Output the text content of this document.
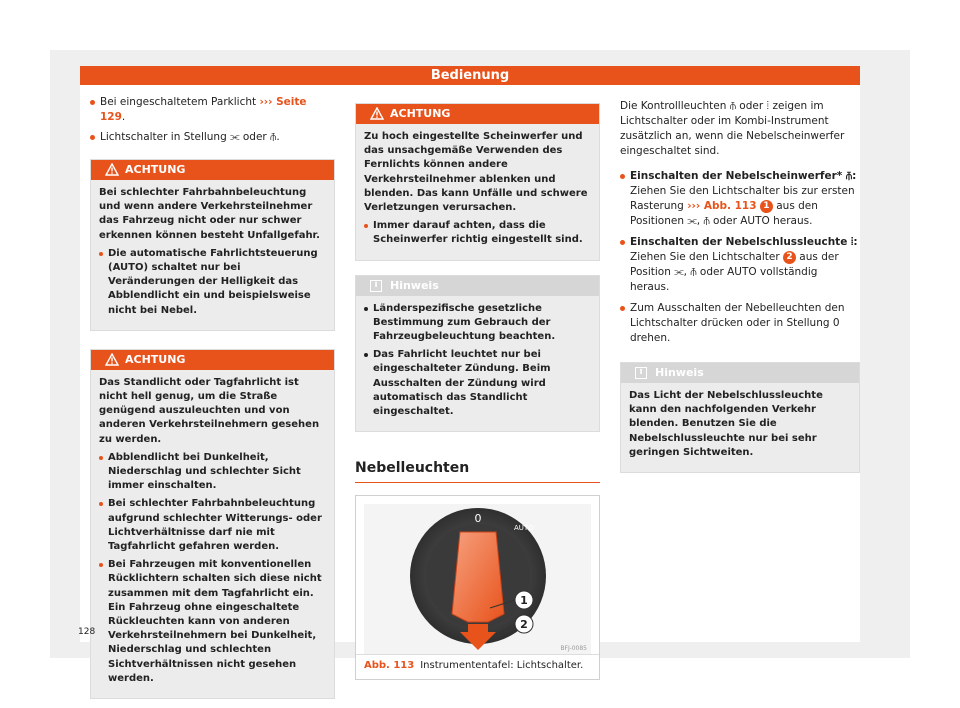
Bedienung
Bei eingeschaltetem Parklicht ››› Seite 129.
Lichtschalter in Stellung ⫘ oder ⫚.
ACHTUNG

Bei schlechter Fahrbahnbeleuchtung und wenn andere Verkehrsteilnehmer das Fahrzeug nicht oder nur schwer erkennen können besteht Unfallgefahr.

Die automatische Fahrlichtsteuerung (AUTO) schaltet nur bei Veränderungen der Helligkeit das Abblendlicht ein und beispielsweise nicht bei Nebel.
ACHTUNG

Das Standlicht oder Tagfahrlicht ist nicht hell genug, um die Straße genügend auszuleuchten und von anderen Verkehrsteilnehmern gesehen zu werden.

Abblendlicht bei Dunkelheit, Niederschlag und schlechter Sicht immer einschalten.
Bei schlechter Fahrbahnbeleuchtung aufgrund schlechter Witterungs- oder Lichtverhältnisse darf nie mit Tagfahrlicht gefahren werden.
Bei Fahrzeugen mit konventionellen Rücklichtern schalten sich diese nicht zusammen mit dem Tagfahrlicht ein. Ein Fahrzeug ohne eingeschaltete Rückleuchten kann von anderen Verkehrsteilnehmern bei Dunkelheit, Niederschlag und schlechten Sichtverhältnissen nicht gesehen werden.
ACHTUNG

Zu hoch eingestellte Scheinwerfer und das unsachgemäße Verwenden des Fernlichts können andere Verkehrsteilnehmer ablenken und blenden. Das kann Unfälle und schwere Verletzungen verursachen.

Immer darauf achten, dass die Scheinwerfer richtig eingestellt sind.
i	Hinweis
Länderspezifische gesetzliche Bestimmung zum Gebrauch der Fahrzeugbeleuchtung beachten.
Das Fahrlicht leuchtet nur bei eingeschalteter Zündung. Beim Ausschalten der Zündung wird automatisch das Standlicht eingeschaltet.
Nebelleuchten
0
AUTO
1
2
BFJ-0085
Abb. 113 Instrumententafel: Lichtschalter.

Die Kontrollleuchten ⫚ oder ⦙ zeigen im Lichtschalter oder im Kombi-Instrument zusätzlich an, wenn die Nebelscheinwerfer eingeschaltet sind.

Einschalten der Nebelscheinwerfer* ⫚:
Ziehen Sie den Lichtschalter bis zur ersten Rasterung ››› Abb. 113 1 aus den Positionen ⫘, ⫚ oder AUTO heraus.
Einschalten der Nebelschlussleuchte ⦙:
Ziehen Sie den Lichtschalter 2 aus der Position ⫘, ⫚ oder AUTO vollständig heraus.
Zum Ausschalten der Nebelleuchten den Lichtschalter drücken oder in Stellung 0 drehen.
i	Hinweis

Das Licht der Nebelschlussleuchte kann den nachfolgenden Verkehr blenden. Benutzen Sie die Nebelschlussleuchte nur bei sehr geringen Sichtweiten.

128
